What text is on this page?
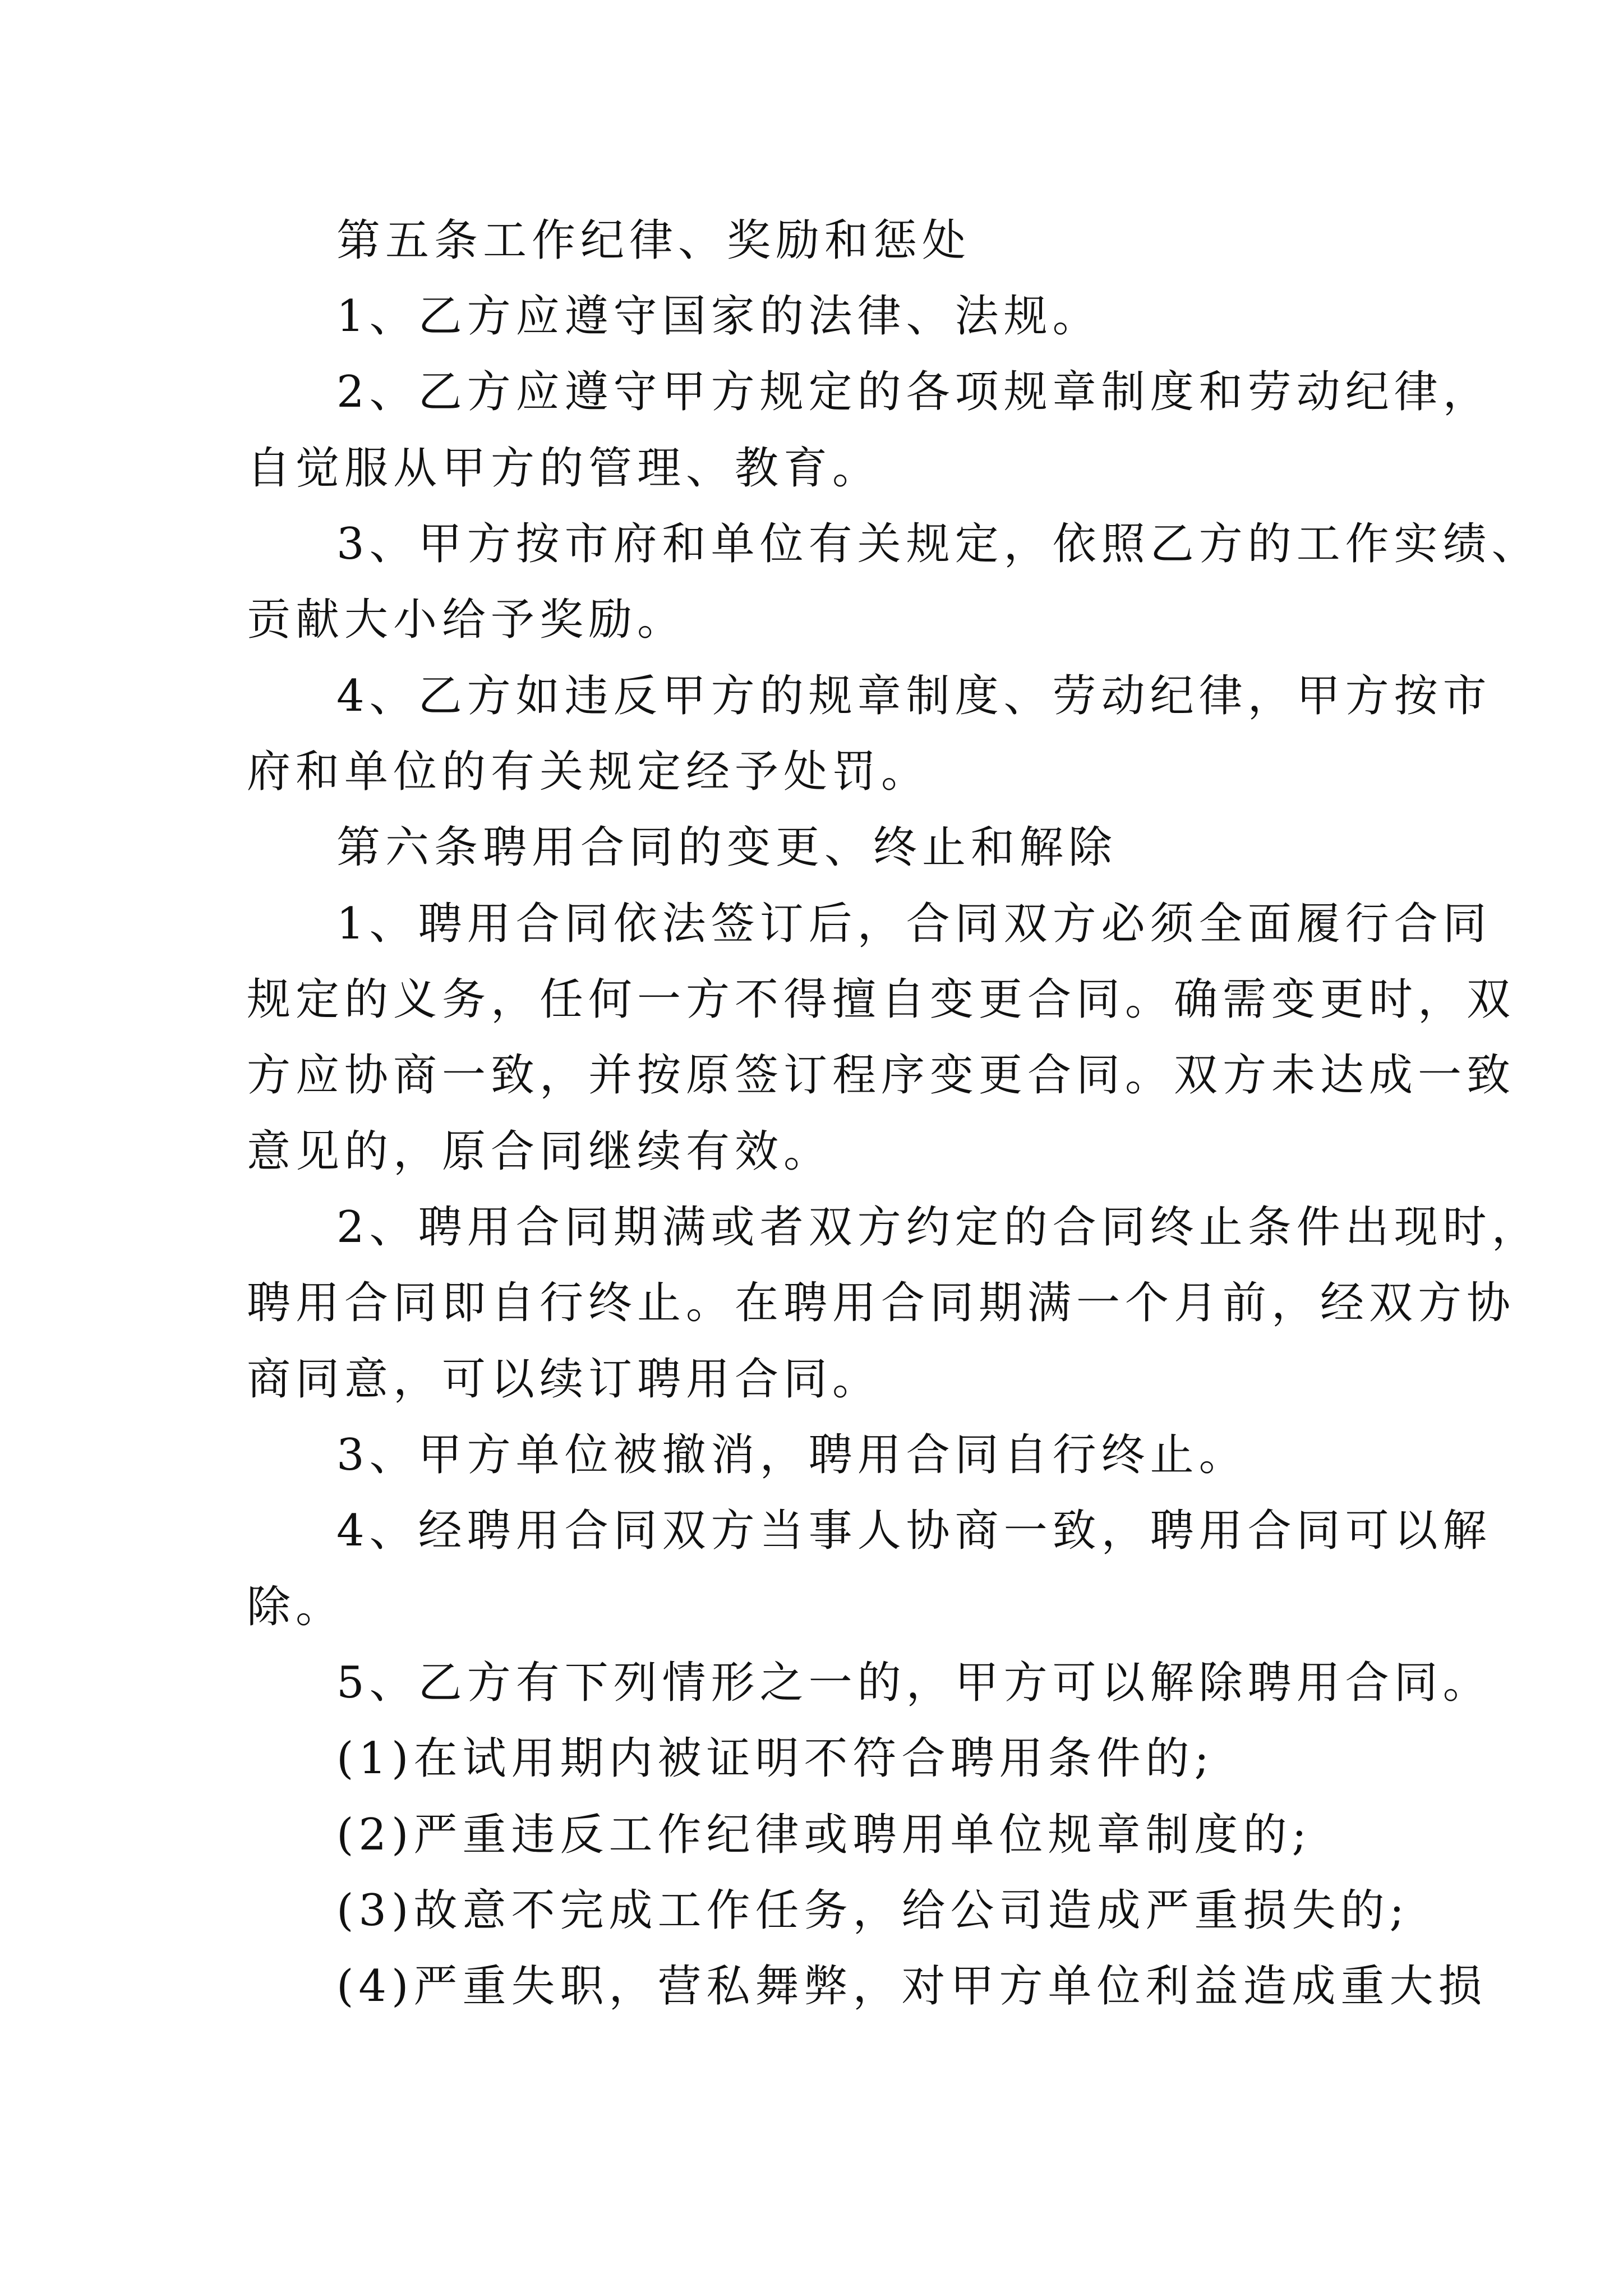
第五条工作纪律、奖励和惩处

1、乙方应遵守国家的法律、法规。

2、乙方应遵守甲方规定的各项规章制度和劳动纪律，

自觉服从甲方的管理、教育。

3、甲方按市府和单位有关规定，依照乙方的工作实绩、

贡献大小给予奖励。

4、乙方如违反甲方的规章制度、劳动纪律，甲方按市

府和单位的有关规定经予处罚。

第六条聘用合同的变更、终止和解除

1、聘用合同依法签订后，合同双方必须全面履行合同

规定的义务，任何一方不得擅自变更合同。确需变更时，双

方应协商一致，并按原签订程序变更合同。双方未达成一致

意见的，原合同继续有效。

2、聘用合同期满或者双方约定的合同终止条件出现时，

聘用合同即自行终止。在聘用合同期满一个月前，经双方协

商同意，可以续订聘用合同。

3、甲方单位被撤消，聘用合同自行终止。

4、经聘用合同双方当事人协商一致，聘用合同可以解

除。

5、乙方有下列情形之一的，甲方可以解除聘用合同。

(1)在试用期内被证明不符合聘用条件的;

(2)严重违反工作纪律或聘用单位规章制度的;

(3)故意不完成工作任务，给公司造成严重损失的;

(4)严重失职，营私舞弊，对甲方单位利益造成重大损
